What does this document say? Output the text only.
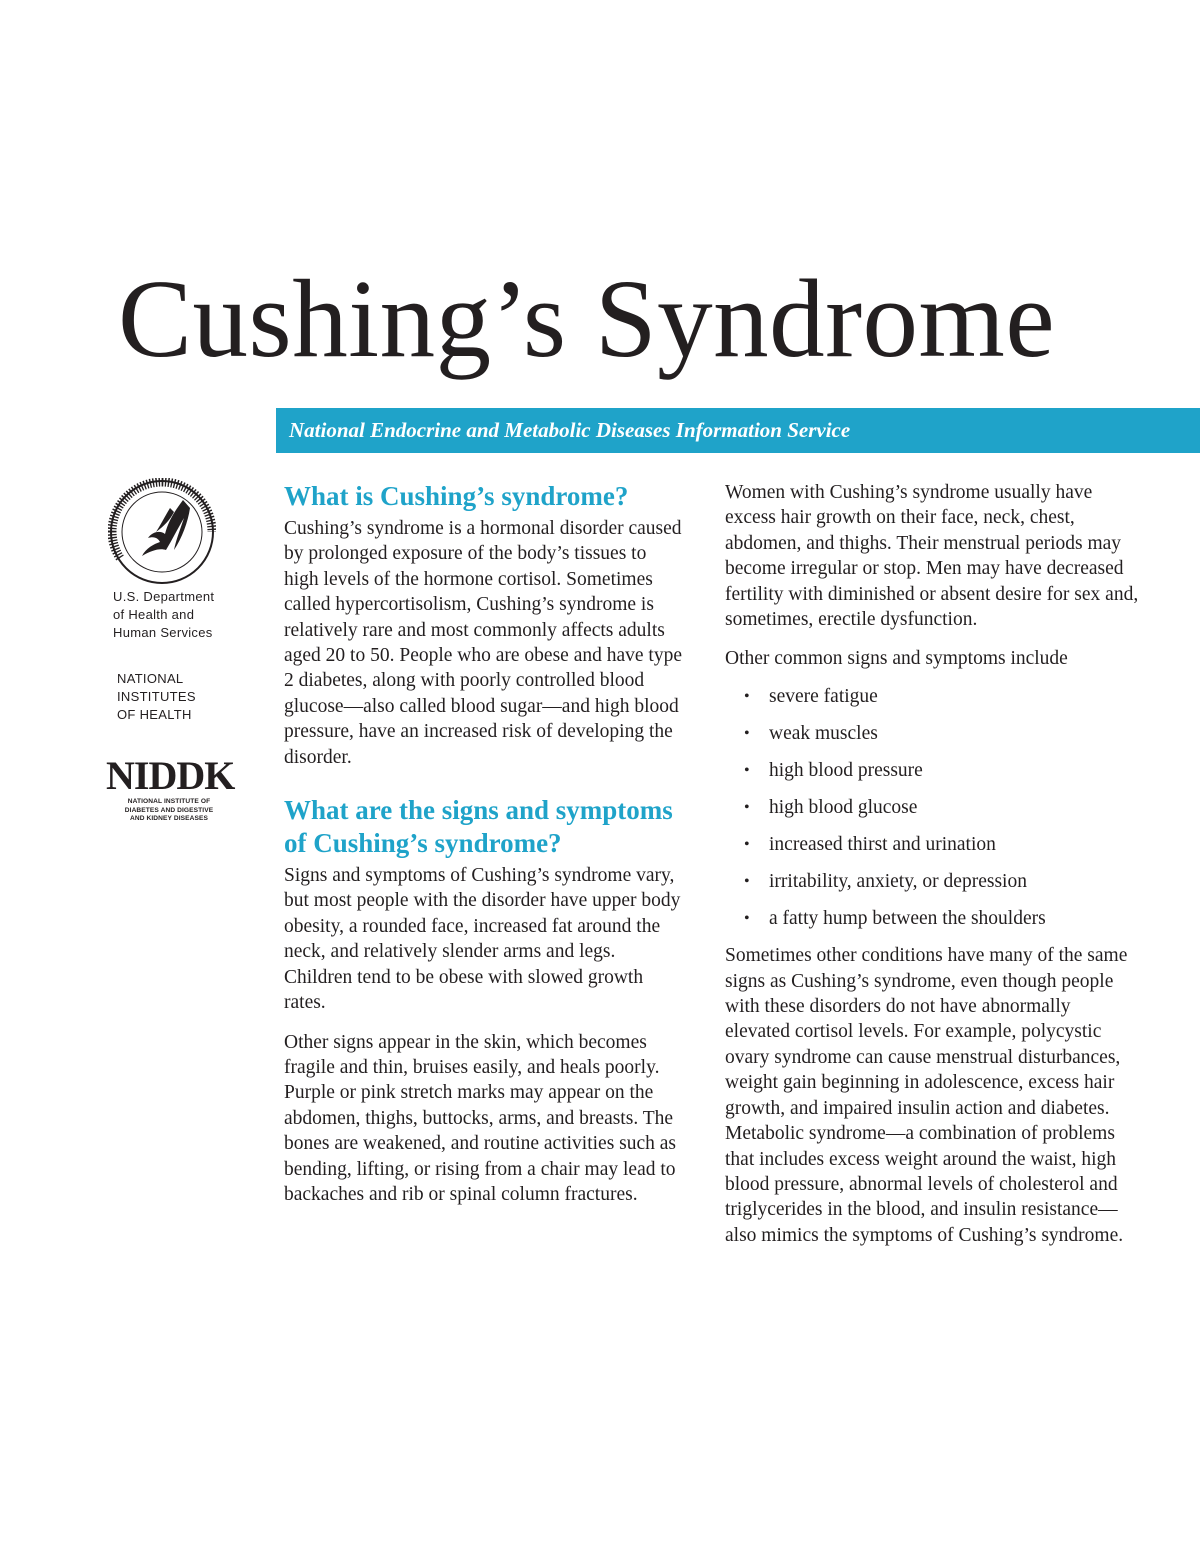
Cushing’s Syndrome
National Endocrine and Metabolic Diseases Information Service
U.S. Department
of Health and
Human Services
NATIONAL
INSTITUTES
OF HEALTH
NIDDK
NATIONAL INSTITUTE OF
DIABETES AND DIGESTIVE
AND KIDNEY DISEASES
What is Cushing’s syndrome?

Cushing’s syndrome is a hormonal disorder caused by prolonged exposure of the body’s tissues to high levels of the hormone cortisol. Sometimes called hypercortisolism, Cushing’s syndrome is relatively rare and most commonly affects adults aged 20 to 50. People who are obese and have type 2 diabetes, along with poorly controlled blood glucose—also called blood sugar—and high blood pressure, have an increased risk of developing the disorder.

What are the signs and symptoms of Cushing’s syndrome?

Signs and symptoms of Cushing’s syndrome vary, but most people with the disorder have upper body obesity, a rounded face, increased fat around the neck, and relatively slender arms and legs. Children tend to be obese with slowed growth rates.

Other signs appear in the skin, which becomes fragile and thin, bruises easily, and heals poorly. Purple or pink stretch marks may appear on the abdomen, thighs, buttocks, arms, and breasts. The bones are weakened, and routine activities such as bending, lifting, or rising from a chair may lead to backaches and rib or spinal column fractures.

Women with Cushing’s syndrome usually have excess hair growth on their face, neck, chest, abdomen, and thighs. Their menstrual periods may become irregular or stop. Men may have decreased fertility with diminished or absent desire for sex and, sometimes, erectile dysfunction.

Other common signs and symptoms include

• severe fatigue
• weak muscles
• high blood pressure
• high blood glucose
• increased thirst and urination
• irritability, anxiety, or depression
• a fatty hump between the shoulders

Sometimes other conditions have many of the same signs as Cushing’s syndrome, even though people with these disorders do not have abnormally elevated cortisol levels. For example, polycystic ovary syndrome can cause menstrual disturbances, weight gain beginning in adolescence, excess hair growth, and impaired insulin action and diabetes. Metabolic syndrome—a combination of problems that includes excess weight around the waist, high blood pressure, abnormal levels of cholesterol and triglycerides in the blood, and insulin resistance—also mimics the symptoms of Cushing’s syndrome.
